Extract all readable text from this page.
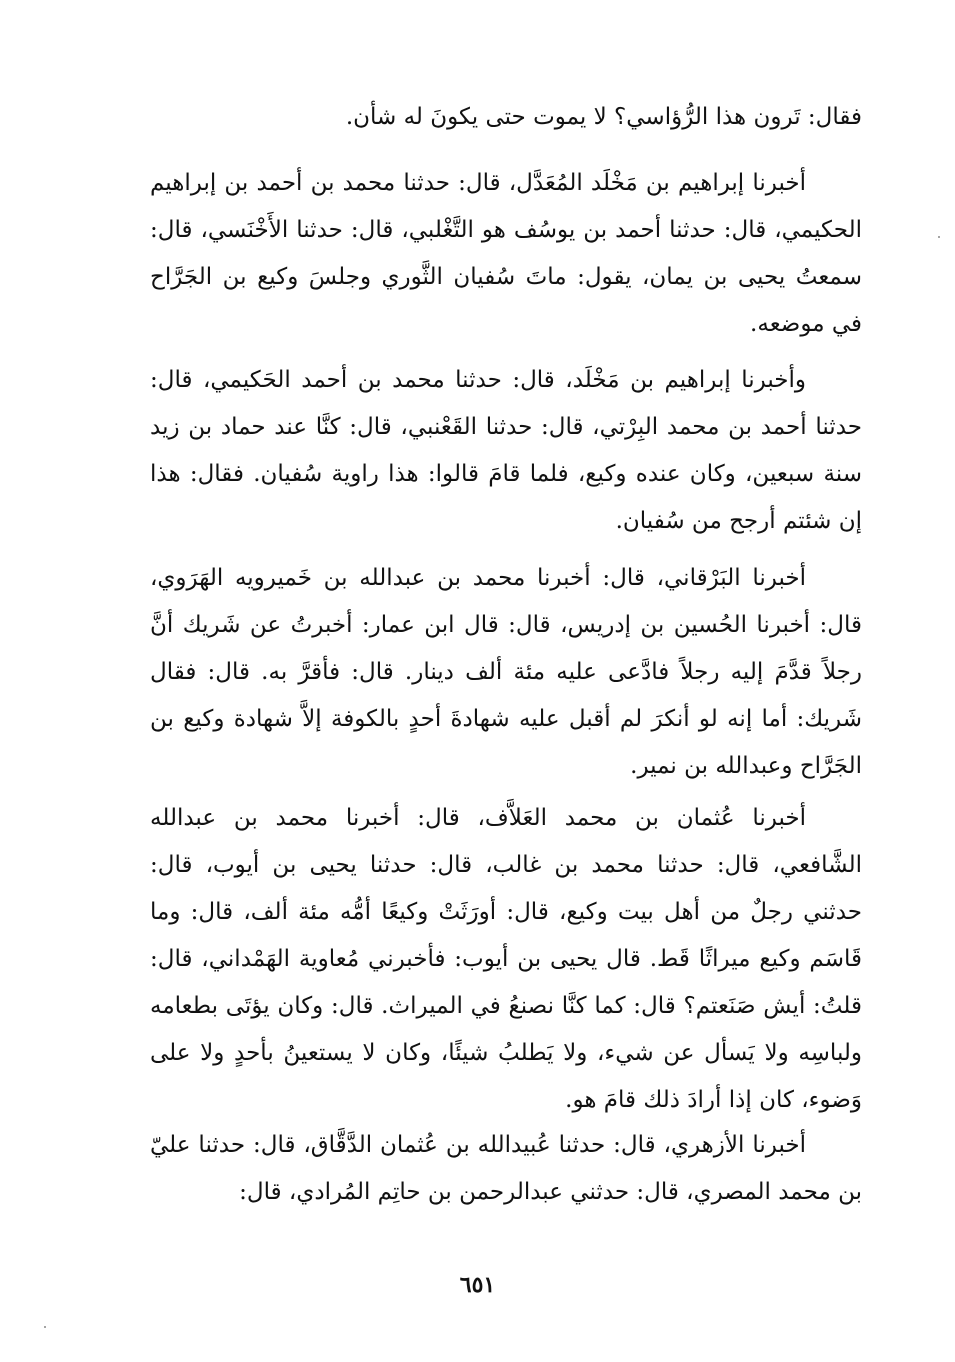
فقال: تَرون هذا الرُّؤاسي؟ لا يموت حتى يكونَ له شأن.

أخبرنا إبراهيم بن مَخْلَد المُعَدَّل، قال: حدثنا محمد بن أحمد بن إبراهيم الحكيمي، قال: حدثنا أحمد بن يوسُف هو التَّغْلبي، قال: حدثنا الأَخْنَسي، قال: سمعتُ يحيى بن يمان، يقول: ماتَ سُفيان الثَّوري وجلسَ وكيع بن الجَرَّاح في موضعه.

وأخبرنا إبراهيم بن مَخْلَد، قال: حدثنا محمد بن أحمد الحَكيمي، قال: حدثنا أحمد بن محمد البِرْتي، قال: حدثنا القَعْنبي، قال: كنَّا عند حماد بن زيد سنة سبعين، وكان عنده وكيع، فلما قامَ قالوا: هذا راوية سُفيان. فقال: هذا إن شئتم أرجح من سُفيان.

أخبرنا البَرْقاني، قال: أخبرنا محمد بن عبدالله بن خَميرويه الهَرَوي، قال: أخبرنا الحُسين بن إدريس، قال: قال ابن عمار: أخبرتُ عن شَريك أنَّ رجلاً قدَّمَ إليه رجلاً فادَّعى عليه مئة ألف دينار. قال: فأقرَّ به. قال: فقال شَريك: أما إنه لو أنكرَ لم أقبل عليه شهادةَ أحدٍ بالكوفة إلاَّ شهادة وكيع بن الجَرَّاح وعبدالله بن نمير.

أخبرنا عُثمان بن محمد العَلاَّف، قال: أخبرنا محمد بن عبدالله الشَّافعي، قال: حدثنا محمد بن غالب، قال: حدثنا يحيى بن أيوب، قال: حدثني رجلٌ من أهل بيت وكيع، قال: أورَثَتْ وكيعًا أمُّه مئة ألف، قال: وما قَاسَم وكيع ميراثًا قَط. قال يحيى بن أيوب: فأخبرني مُعاوية الهَمْداني، قال: قلتُ: أيش صَنَعتم؟ قال: كما كنَّا نصنعُ في الميراث. قال: وكان يؤتَى بطعامه ولباسِه ولا يَسأل عن شيء، ولا يَطلبُ شيئًا، وكان لا يستعينُ بأحدٍ ولا على وَضوء، كان إذا أرادَ ذلك قامَ هو.

أخبرنا الأزهري، قال: حدثنا عُبيدالله بن عُثمان الدَّقَّاق، قال: حدثنا عليّ بن محمد المصري، قال: حدثني عبدالرحمن بن حاتِم المُرادي، قال:

٦٥١
